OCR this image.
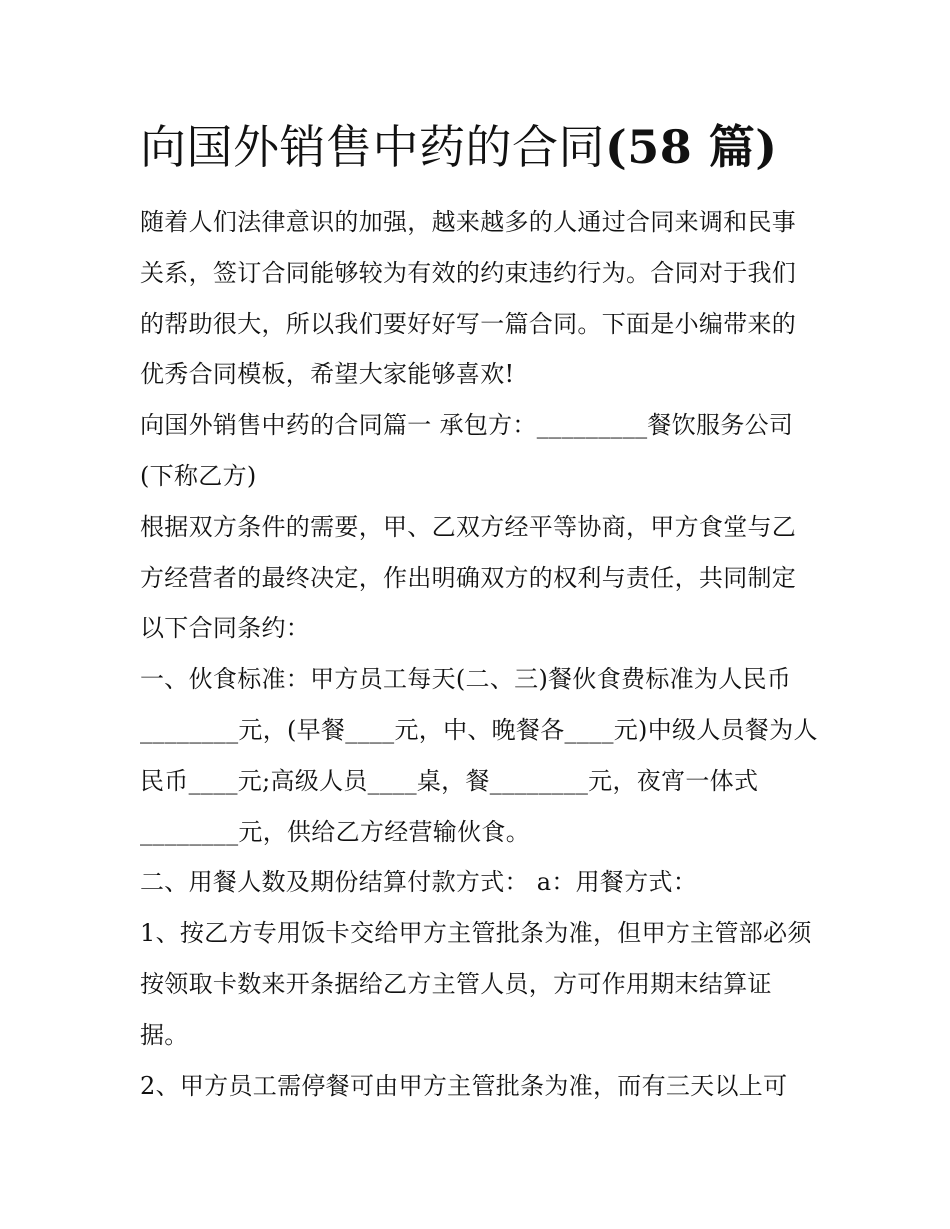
向国外销售中药的合同(58 篇)

随着人们法律意识的加强，越来越多的人通过合同来调和民事关系，签订合同能够较为有效的约束违约行为。合同对于我们的帮助很大，所以我们要好好写一篇合同。下面是小编带来的优秀合同模板，希望大家能够喜欢!

向国外销售中药的合同篇一 承包方：_________餐饮服务公司(下称乙方)

根据双方条件的需要，甲、乙双方经平等协商，甲方食堂与乙方经营者的最终决定，作出明确双方的权利与责任，共同制定以下合同条约：

一、伙食标准：甲方员工每天(二、三)餐伙食费标准为人民币________元，(早餐____元，中、晚餐各____元)中级人员餐为人民币____元;高级人员____桌，餐________元，夜宵一体式________元，供给乙方经营输伙食。

二、用餐人数及期份结算付款方式： a：用餐方式：

1、按乙方专用饭卡交给甲方主管批条为准，但甲方主管部必须按领取卡数来开条据给乙方主管人员，方可作用期末结算证据。

2、甲方员工需停餐可由甲方主管批条为准，而有三天以上可
